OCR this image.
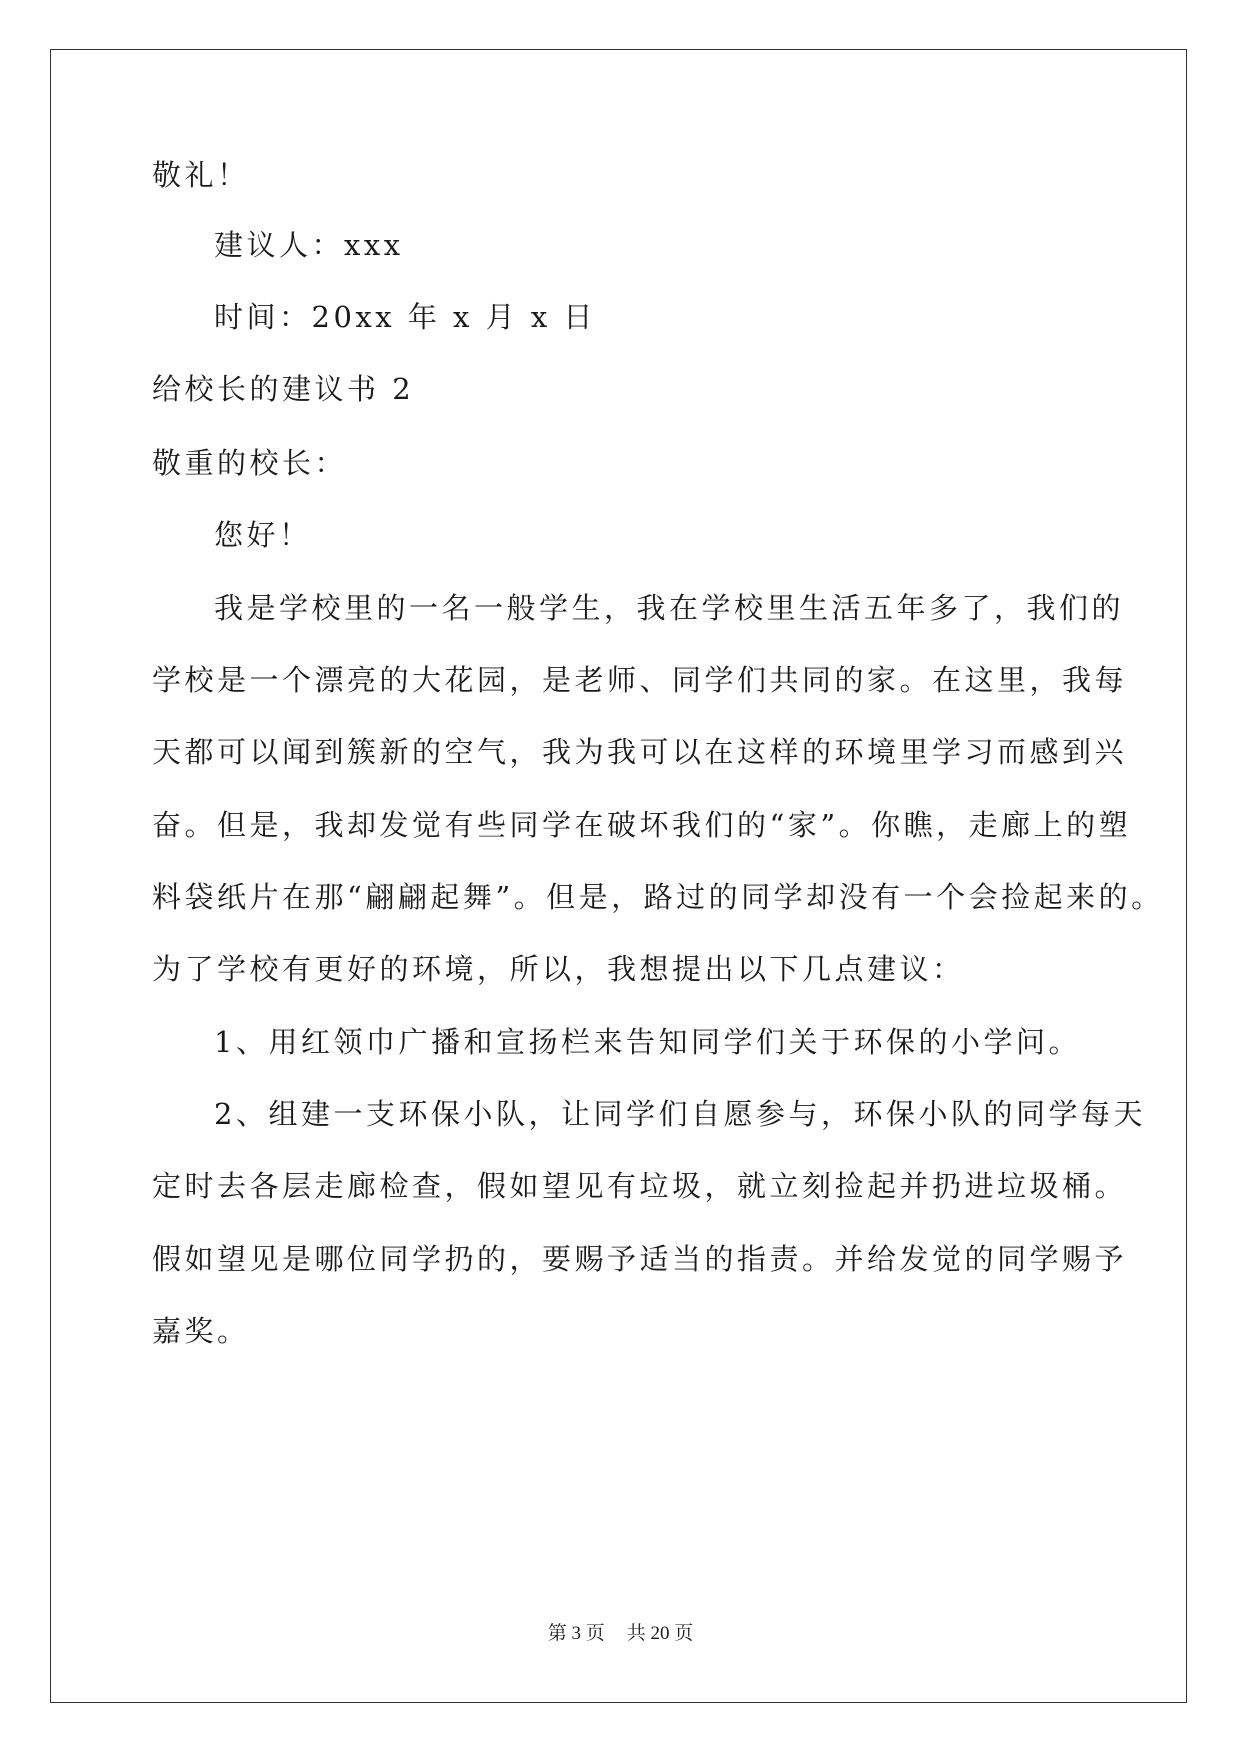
敬礼！
建议人：xxx
时间：20xx 年 x 月 x 日
给校长的建议书 2
敬重的校长：
您好！
我是学校里的一名一般学生，我在学校里生活五年多了，我们的
学校是一个漂亮的大花园，是老师、同学们共同的家。在这里，我每
天都可以闻到簇新的空气，我为我可以在这样的环境里学习而感到兴
奋。但是，我却发觉有些同学在破坏我们的“家”。你瞧，走廊上的塑
料袋纸片在那“翩翩起舞”。但是，路过的同学却没有一个会捡起来的。
为了学校有更好的环境，所以，我想提出以下几点建议：
1、用红领巾广播和宣扬栏来告知同学们关于环保的小学问。
2、组建一支环保小队，让同学们自愿参与，环保小队的同学每天
定时去各层走廊检查，假如望见有垃圾，就立刻捡起并扔进垃圾桶。
假如望见是哪位同学扔的，要赐予适当的指责。并给发觉的同学赐予
嘉奖。
第 3 页 共 20 页
